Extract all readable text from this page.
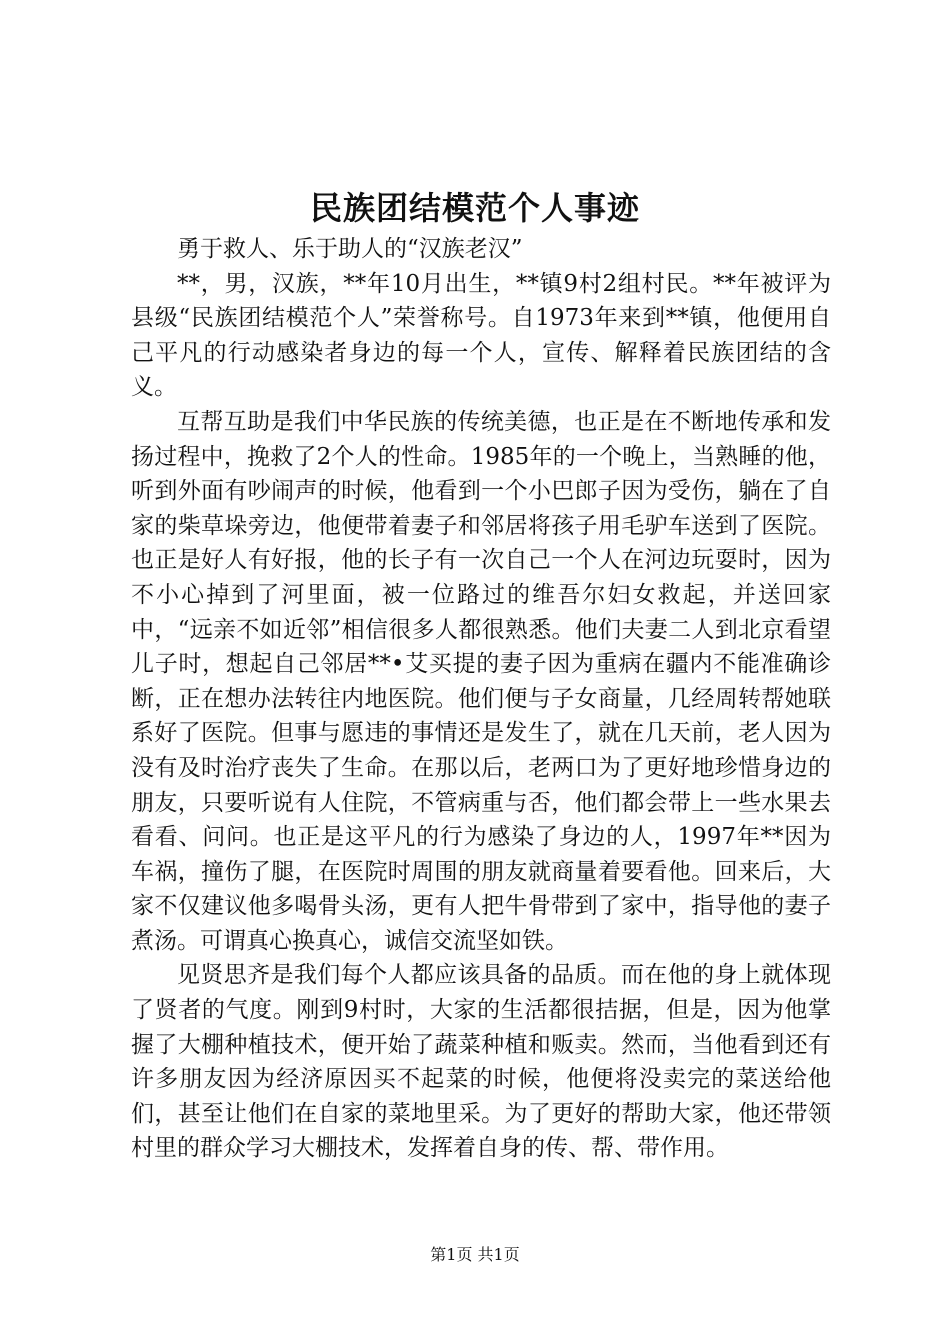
民族团结模范个人事迹

勇于救人、乐于助人的“汉族老汉”

**，男，汉族，**年10月出生，**镇9村2组村民。**年被评为县级“民族团结模范个人”荣誉称号。自1973年来到**镇，他便用自己平凡的行动感染者身边的每一个人，宣传、解释着民族团结的含义。

互帮互助是我们中华民族的传统美德，也正是在不断地传承和发扬过程中，挽救了2个人的性命。1985年的一个晚上，当熟睡的他，听到外面有吵闹声的时候，他看到一个小巴郎子因为受伤，躺在了自家的柴草垛旁边，他便带着妻子和邻居将孩子用毛驴车送到了医院。也正是好人有好报，他的长子有一次自己一个人在河边玩耍时，因为不小心掉到了河里面，被一位路过的维吾尔妇女救起，并送回家中，“远亲不如近邻”相信很多人都很熟悉。他们夫妻二人到北京看望儿子时，想起自己邻居**•艾买提的妻子因为重病在疆内不能准确诊断，正在想办法转往内地医院。他们便与子女商量，几经周转帮她联系好了医院。但事与愿违的事情还是发生了，就在几天前，老人因为没有及时治疗丧失了生命。在那以后，老两口为了更好地珍惜身边的朋友，只要听说有人住院，不管病重与否，他们都会带上一些水果去看看、问问。也正是这平凡的行为感染了身边的人，1997年**因为车祸，撞伤了腿，在医院时周围的朋友就商量着要看他。回来后，大家不仅建议他多喝骨头汤，更有人把牛骨带到了家中，指导他的妻子煮汤。可谓真心换真心，诚信交流坚如铁。

见贤思齐是我们每个人都应该具备的品质。而在他的身上就体现了贤者的气度。刚到9村时，大家的生活都很拮据，但是，因为他掌握了大棚种植技术，便开始了蔬菜种植和贩卖。然而，当他看到还有许多朋友因为经济原因买不起菜的时候，他便将没卖完的菜送给他们，甚至让他们在自家的菜地里采。为了更好的帮助大家，他还带领村里的群众学习大棚技术，发挥着自身的传、帮、带作用。

第1页 共1页
